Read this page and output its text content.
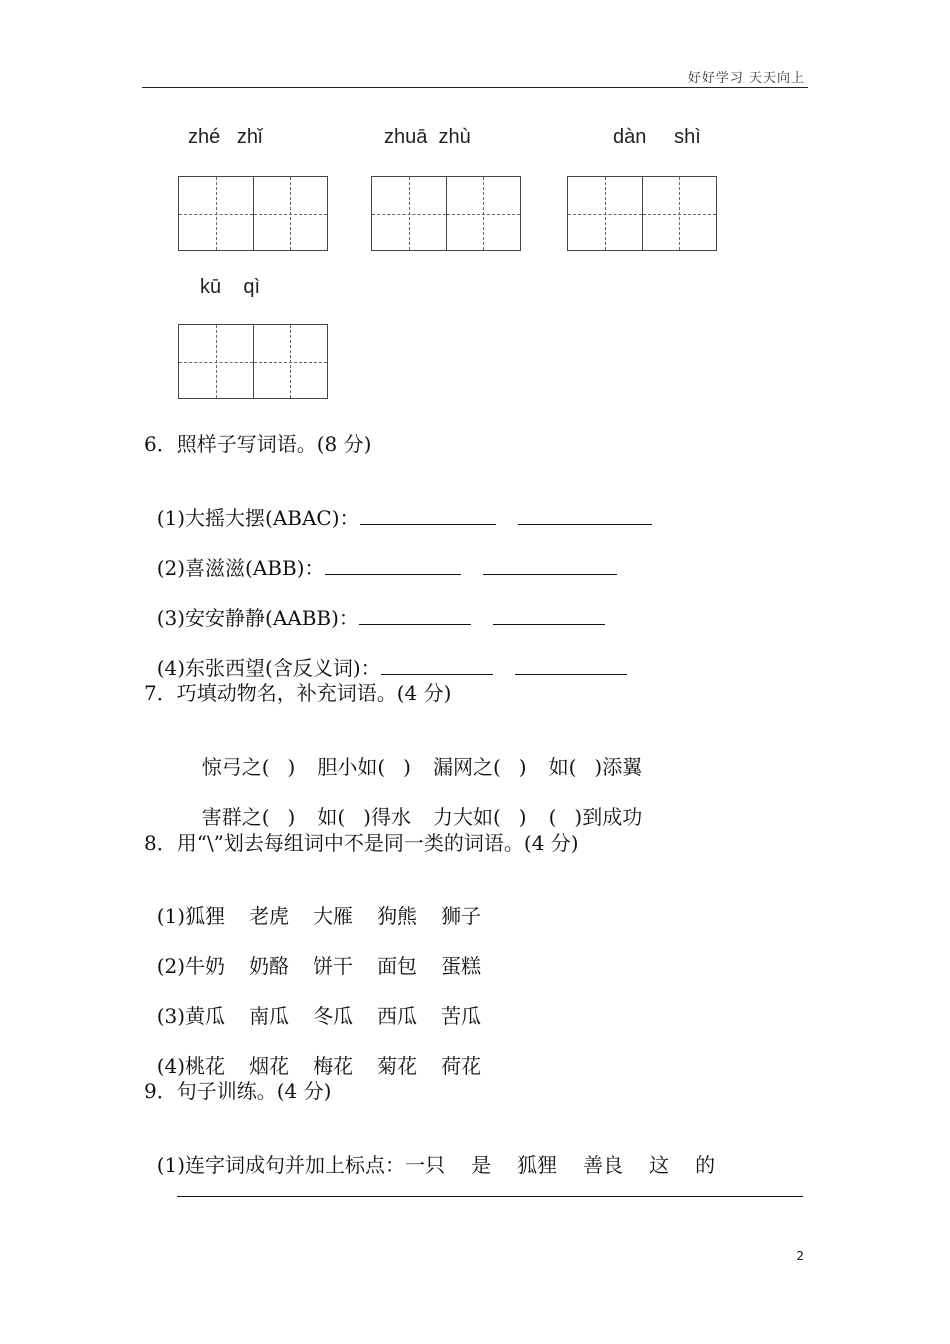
好好学习 天天向上
zhé   zhǐ	zhuā  zhù	dàn     shì
kū    qì
6．照样子写词语。(8 分)

(1)大摇大摆(ABAC)：

(2)喜滋滋(ABB)：

(3)安安静静(AABB)：

(4)东张西望(含反义词)：

7．巧填动物名，补充词语。(4 分)

惊弓之( ) 胆小如( ) 漏网之( ) 如( )添翼

害群之( ) 如( )得水 力大如( ) ( )到成功

8．用“\”划去每组词中不是同一类的词语。(4 分)

(1)狐狸 老虎 大雁 狗熊 狮子

(2)牛奶 奶酪 饼干 面包 蛋糕

(3)黄瓜 南瓜 冬瓜 西瓜 苦瓜

(4)桃花 烟花 梅花 菊花 荷花

9．句子训练。(4 分)

(1)连字词成句并加上标点：一只 是 狐狸 善良 这 的

2
